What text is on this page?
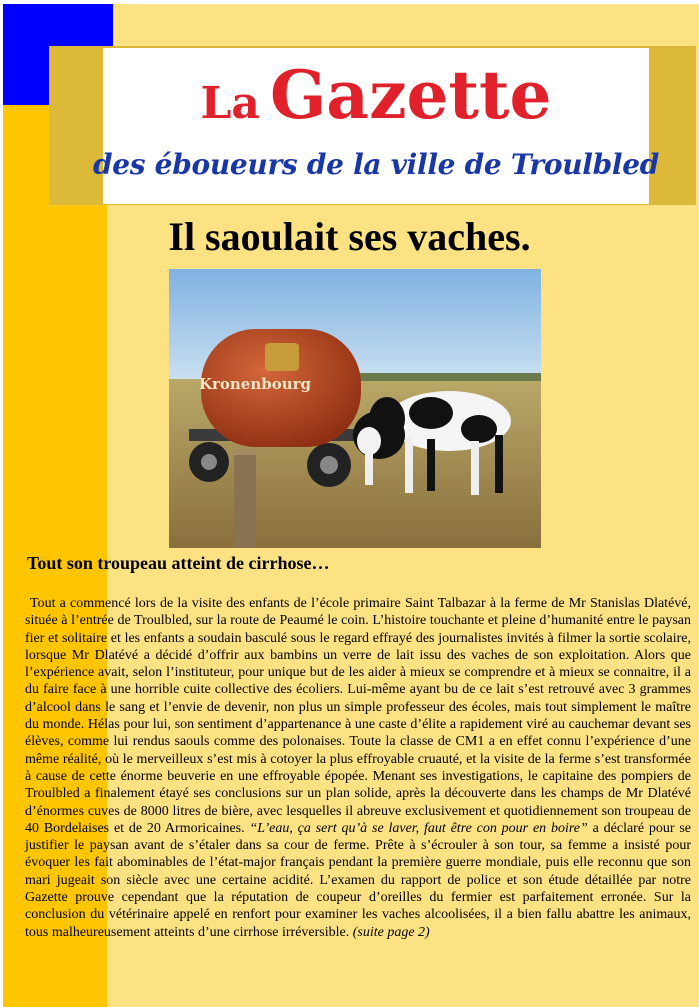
La Gazette
des éboueurs de la ville de Troulbled
Il saoulait ses vaches.
Kronenbourg
Tout son troupeau atteint de cirrhose…
Tout a commencé lors de la visite des enfants de l’école primaire Saint Talbazar à la ferme de Mr Stanislas Dlatévé, située à l’entrée de Troulbled, sur la route de Peaumé le coin. L’histoire touchante et pleine d’humanité entre le paysan fier et solitaire et les enfants a soudain basculé sous le regard effrayé des journalistes invités à filmer la sortie scolaire, lorsque Mr Dlatévé a décidé d’offrir aux bambins un verre de lait issu des vaches de son exploitation. Alors que l’expérience avait, selon l’instituteur, pour unique but de les aider à mieux se comprendre et à mieux se connaitre, il a du faire face à une horrible cuite collective des écoliers. Lui-même ayant bu de ce lait s’est retrouvé avec 3 grammes d’alcool dans le sang et l’envie de devenir, non plus un simple professeur des écoles, mais tout simplement le maître du monde. Hélas pour lui, son sentiment d’appartenance à une caste d’élite a rapidement viré au cauchemar devant ses élèves, comme lui rendus saouls comme des polonaises. Toute la classe de CM1 a en effet connu l’expérience d’une même réalité, où le merveilleux s’est mis à cotoyer la plus effroyable cruauté, et la visite de la ferme s’est transformée à cause de cette énorme beuverie en une effroyable épopée. Menant ses investigations, le capitaine des pompiers de Troulbled a finalement étayé ses conclusions sur un plan solide, après la découverte dans les champs de Mr Dlatévé d’énormes cuves de 8000 litres de bière, avec lesquelles il abreuve exclusivement et quotidiennement son troupeau de 40 Bordelaises et de 20 Armoricaines. “L’eau, ça sert qu’à se laver, faut être con pour en boire” a déclaré pour se justifier le paysan avant de s’étaler dans sa cour de ferme. Prête à s’écrouler à son tour, sa femme a insisté pour évoquer les fait abominables de l’état-major français pendant la première guerre mondiale, puis elle reconnu que son mari jugeait son siècle avec une certaine acidité. L’examen du rapport de police et son étude détaillée par notre Gazette prouve cependant que la réputation de coupeur d’oreilles du fermier est parfaitement erronée. Sur la conclusion du vétérinaire appelé en renfort pour examiner les vaches alcoolisées, il a bien fallu abattre les animaux, tous malheureusement atteints d’une cirrhose irréversible. (suite page 2)
